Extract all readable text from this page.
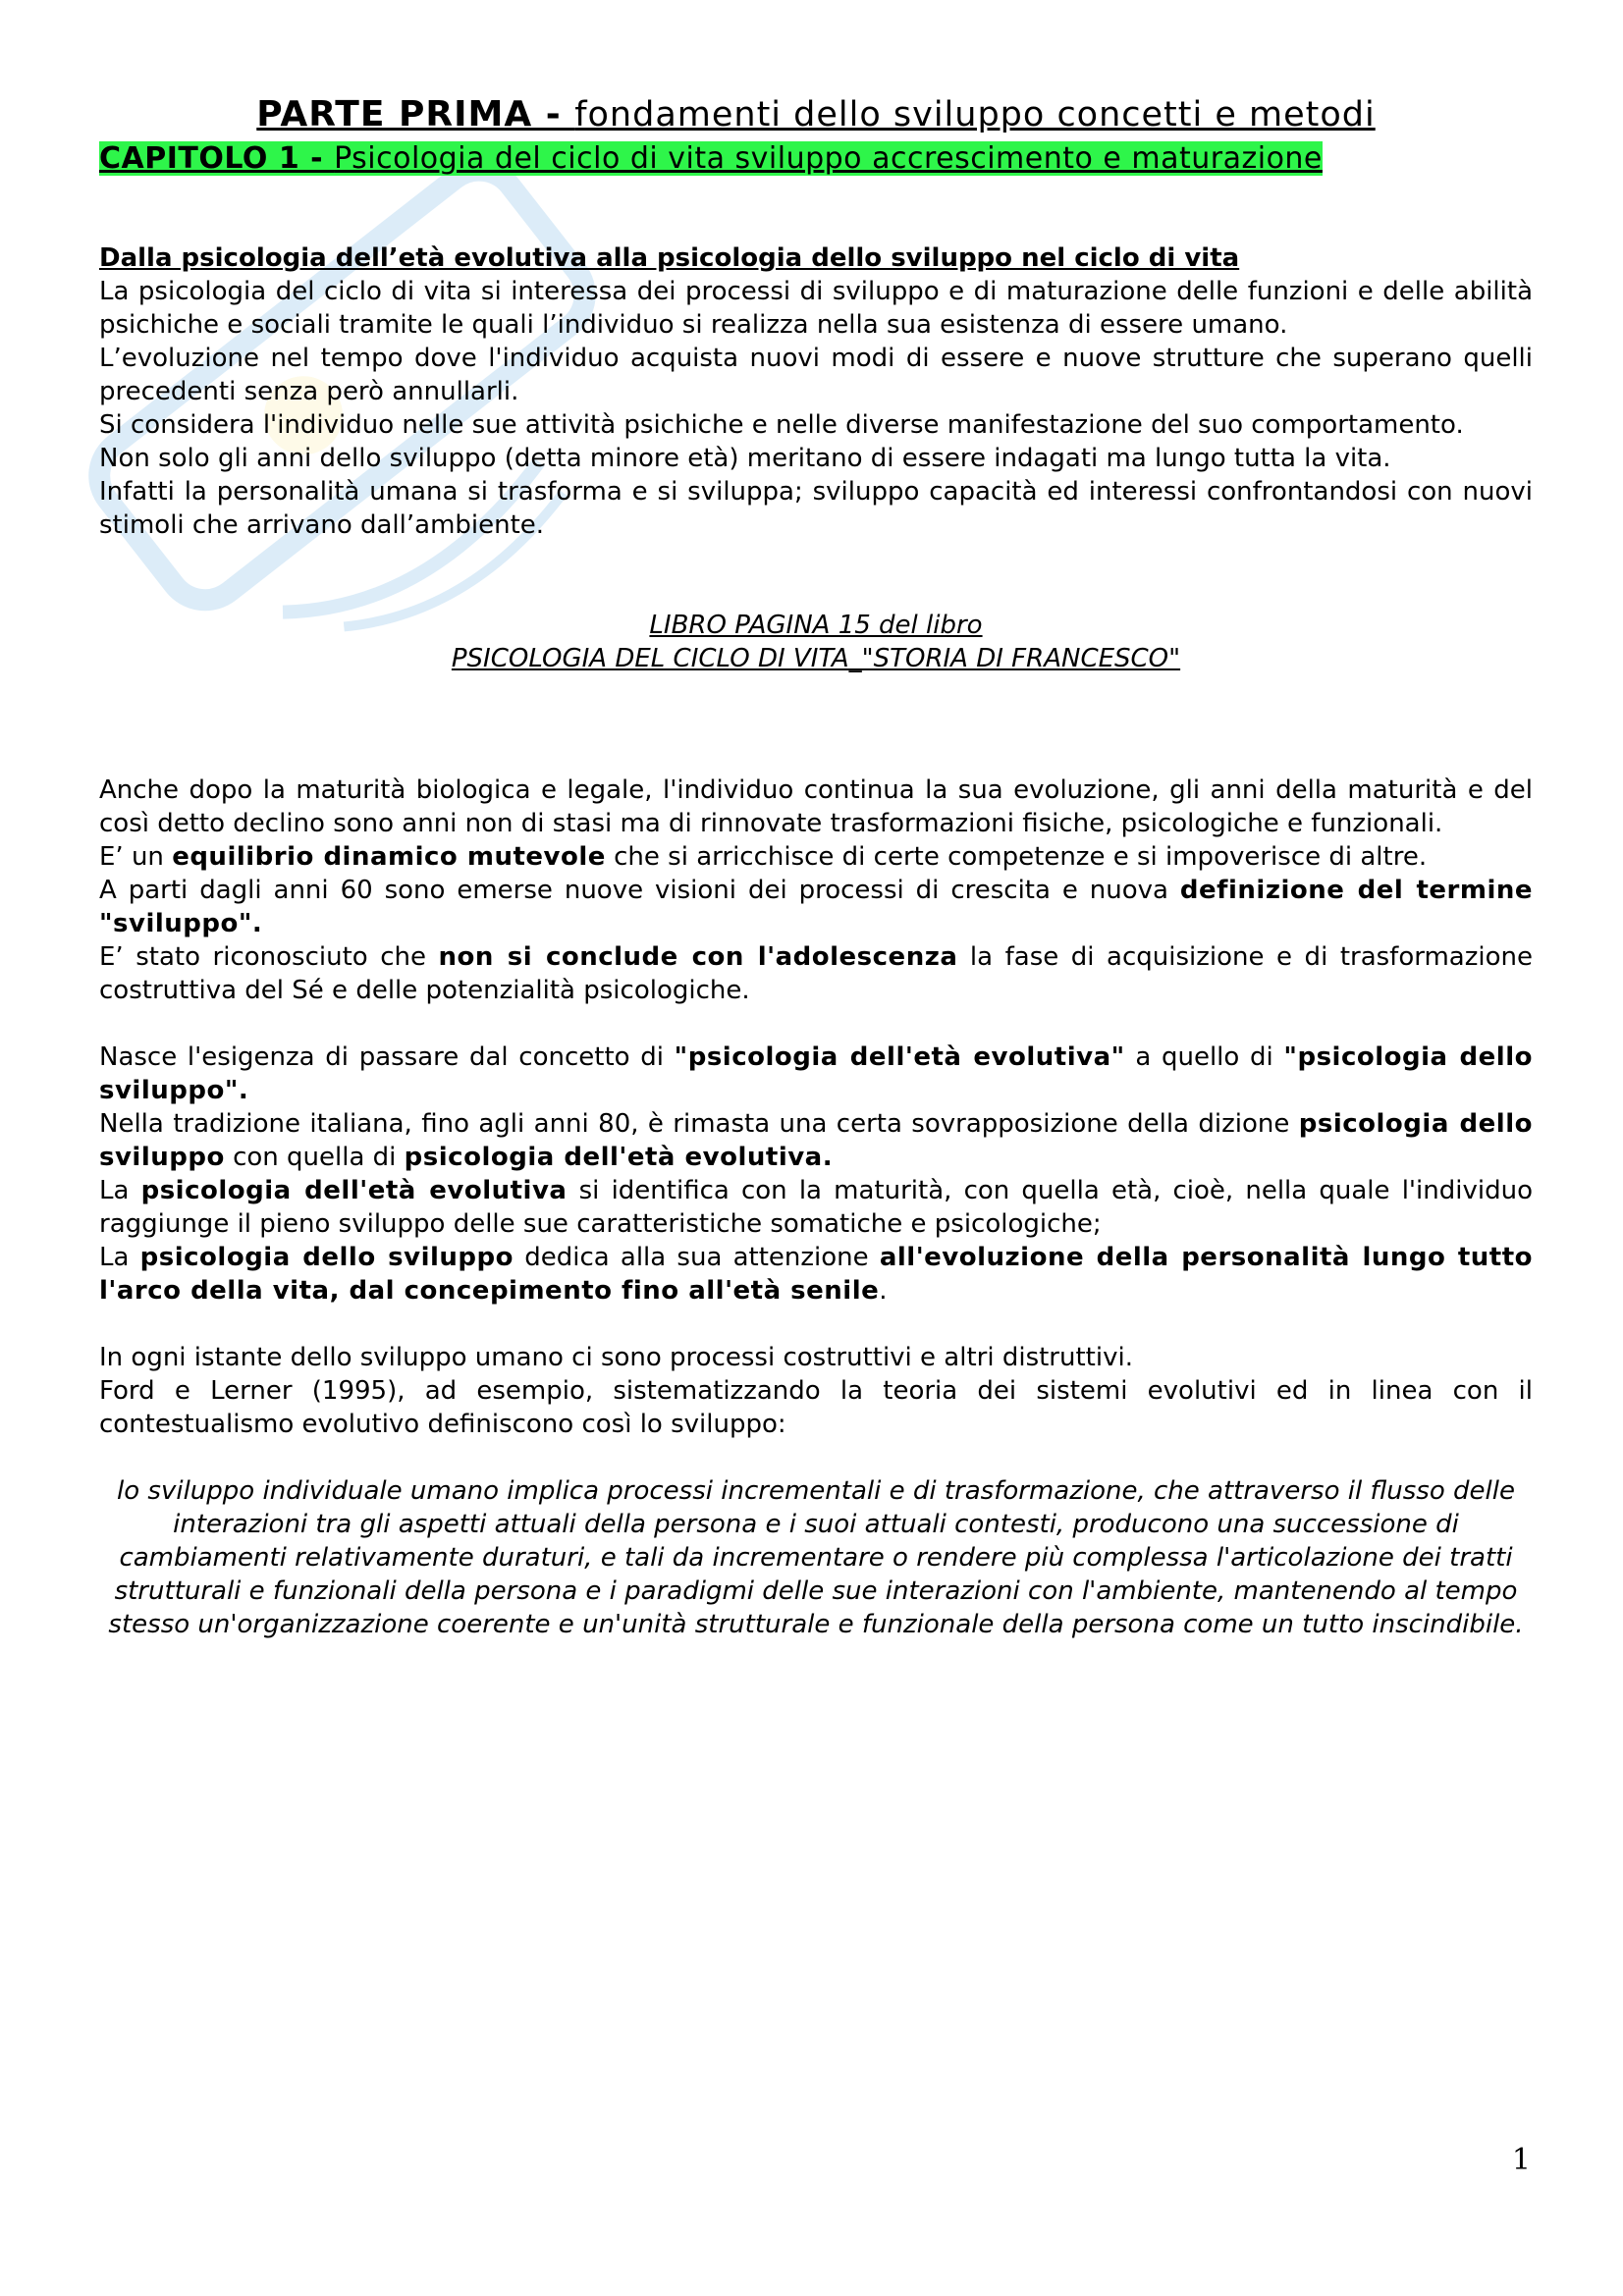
PARTE PRIMA - fondamenti dello sviluppo concetti e metodi
CAPITOLO 1 - Psicologia del ciclo di vita sviluppo accrescimento e maturazione
Dalla psicologia dell’età evolutiva alla psicologia dello sviluppo nel ciclo di vita

La psicologia del ciclo di vita si interessa dei processi di sviluppo e di maturazione delle funzioni e delle abilità psichiche e sociali tramite le quali l’individuo si realizza nella sua esistenza di essere umano.

L’evoluzione nel tempo dove l'individuo acquista nuovi modi di essere e nuove strutture che superano quelli precedenti senza però annullarli.

Si considera l'individuo nelle sue attività psichiche e nelle diverse manifestazione del suo comportamento.

Non solo gli anni dello sviluppo (detta minore età) meritano di essere indagati ma lungo tutta la vita.

Infatti la personalità umana si trasforma e si sviluppa; sviluppo capacità ed interessi confrontandosi con nuovi stimoli che arrivano dall’ambiente.

LIBRO PAGINA 15 del libro

PSICOLOGIA DEL CICLO DI VITA_"STORIA DI FRANCESCO"

Anche dopo la maturità biologica e legale, l'individuo continua la sua evoluzione, gli anni della maturità e del così detto declino sono anni non di stasi ma di rinnovate trasformazioni fisiche, psicologiche e funzionali.

E’ un equilibrio dinamico mutevole che si arricchisce di certe competenze e si impoverisce di altre.

A parti dagli anni 60 sono emerse nuove visioni dei processi di crescita e nuova definizione del termine "sviluppo".

E’ stato riconosciuto che non si conclude con l'adolescenza la fase di acquisizione e di trasformazione costruttiva del Sé e delle potenzialità psicologiche.

Nasce l'esigenza di passare dal concetto di "psicologia dell'età evolutiva" a quello di "psicologia dello sviluppo".

Nella tradizione italiana, fino agli anni 80, è rimasta una certa sovrapposizione della dizione psicologia dello sviluppo con quella di psicologia dell'età evolutiva.

La psicologia dell'età evolutiva si identifica con la maturità, con quella età, cioè, nella quale l'individuo raggiunge il pieno sviluppo delle sue caratteristiche somatiche e psicologiche;

La psicologia dello sviluppo dedica alla sua attenzione all'evoluzione della personalità lungo tutto l'arco della vita, dal concepimento fino all'età senile.

In ogni istante dello sviluppo umano ci sono processi costruttivi e altri distruttivi.

Ford e Lerner (1995), ad esempio, sistematizzando la teoria dei sistemi evolutivi ed in linea con il contestualismo evolutivo definiscono così lo sviluppo:

lo sviluppo individuale umano implica processi incrementali e di trasformazione, che attraverso il flusso delle interazioni tra gli aspetti attuali della persona e i suoi attuali contesti, producono una successione di cambiamenti relativamente duraturi, e tali da incrementare o rendere più complessa l'articolazione dei tratti strutturali e funzionali della persona e i paradigmi delle sue interazioni con l'ambiente, mantenendo al tempo stesso un'organizzazione coerente e un'unità strutturale e funzionale della persona come un tutto inscindibile.

1
